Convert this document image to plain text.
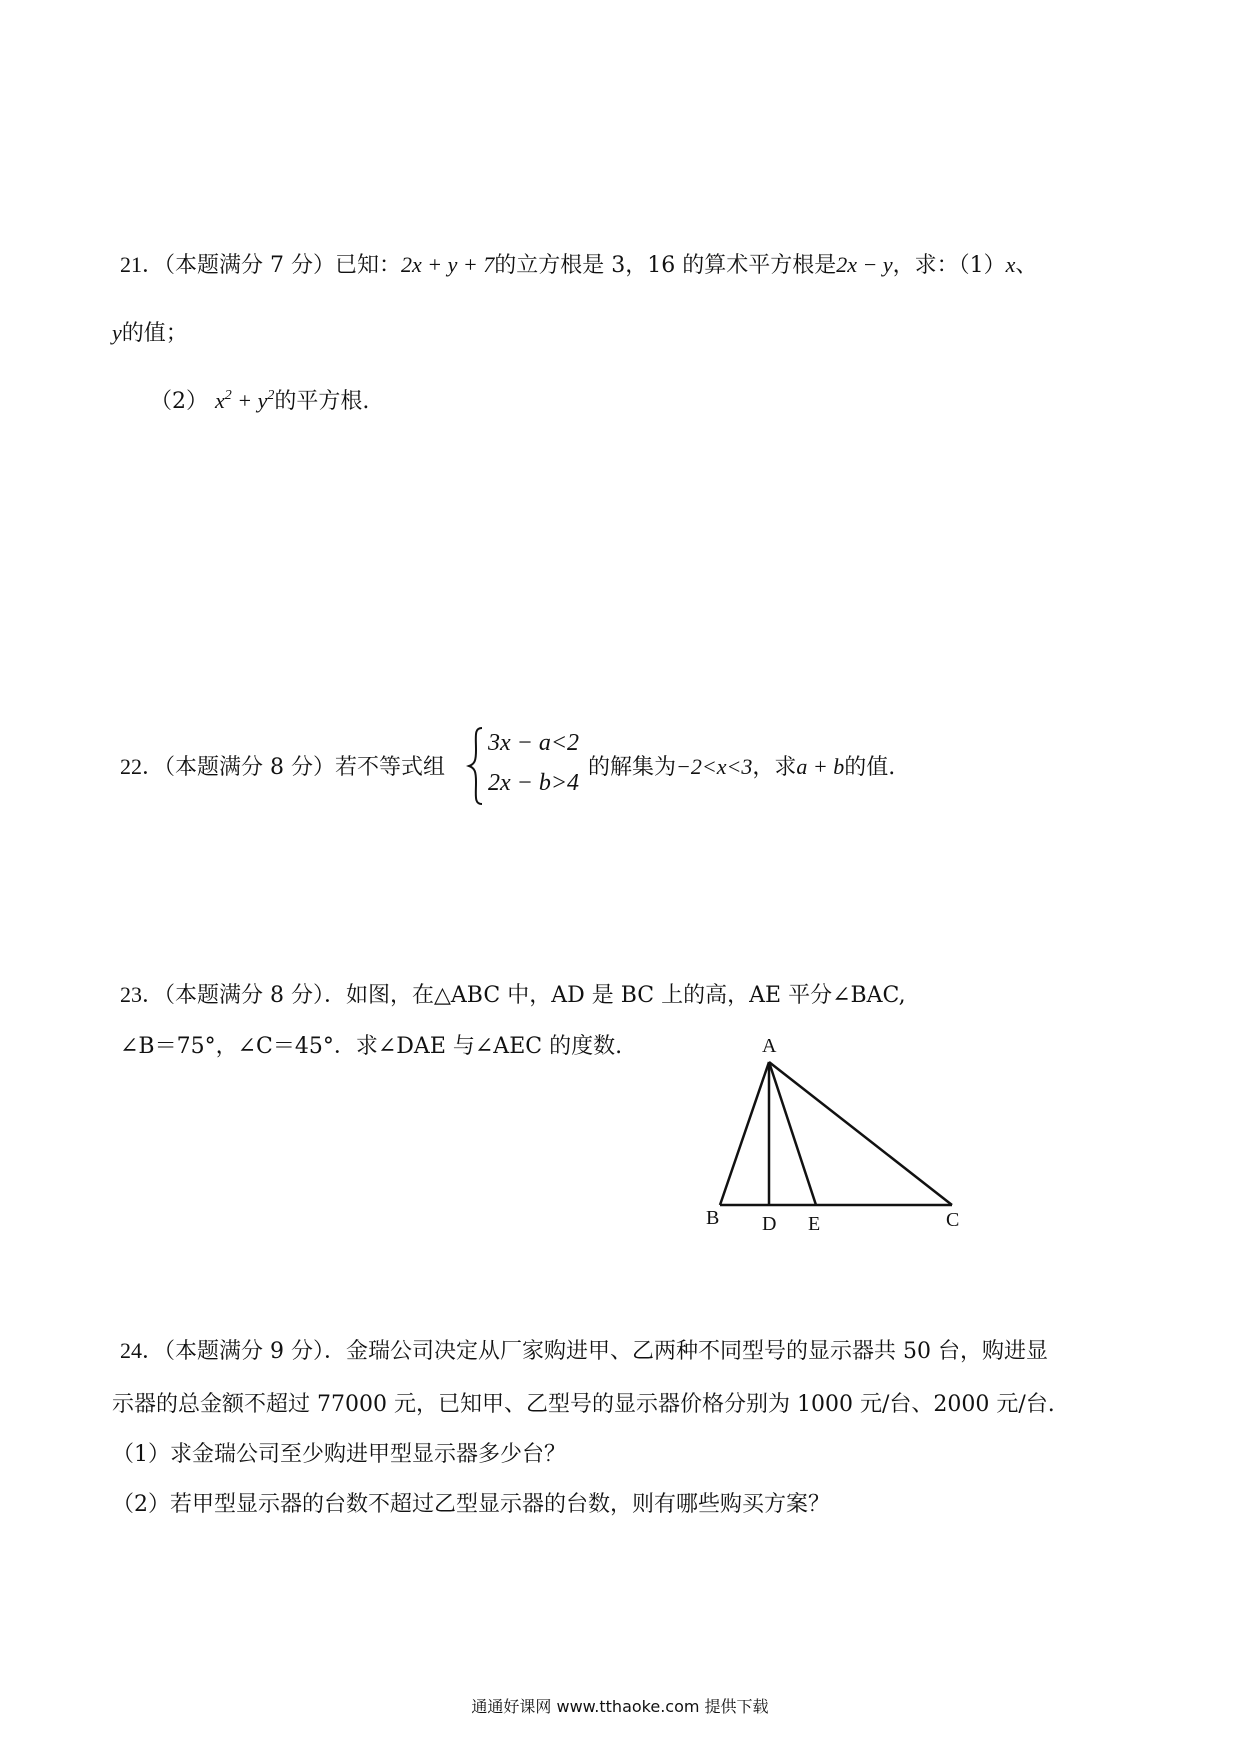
21．（本题满分 7 分）已知：2x + y + 7的立方根是 3，16 的算术平方根是2x − y，求：（1）x、
y的值；
（2） $x^2 + y^2$的平方根.
22．（本题满分 8 分）若不等式组
3x − a<2
2x − b>4
的解集为−2<x<3，求a + b的值.
23．（本题满分 8 分）．如图，在△ABC 中，AD 是 BC 上的高，AE 平分∠BAC,
∠B＝75°，∠C＝45°．求∠DAE 与∠AEC 的度数.	A
B D E	C
24．（本题满分 9 分）．金瑞公司决定从厂家购进甲、乙两种不同型号的显示器共 50 台，购进显
示器的总金额不超过 77000 元，已知甲、乙型号的显示器价格分别为 1000 元/台、2000 元/台.
（1）求金瑞公司至少购进甲型显示器多少台？
（2）若甲型显示器的台数不超过乙型显示器的台数，则有哪些购买方案？
通通好课网 www.tthaoke.com 提供下载
